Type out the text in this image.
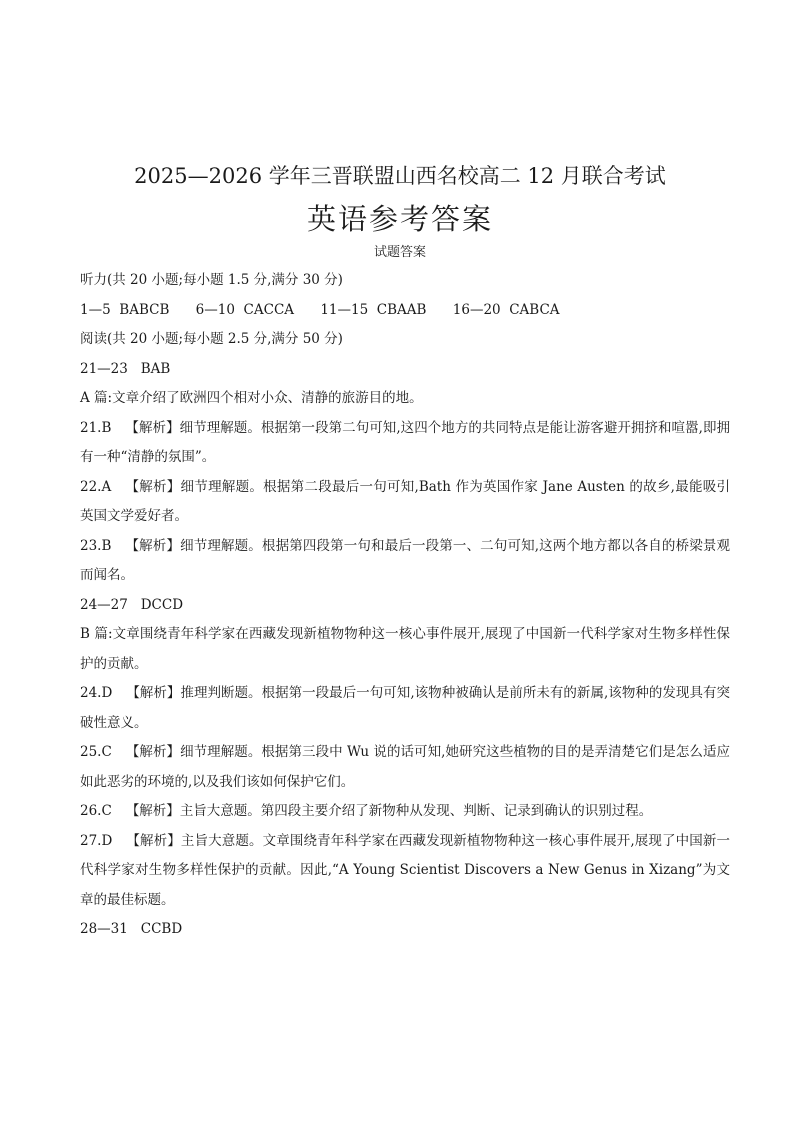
2025—2026 学年三晋联盟山西名校高二 12 月联合考试
英语参考答案
试题答案
听力(共 20 小题;每小题 1.5 分,满分 30 分)
1—5 BABCB 6—10 CACCA 11—15 CBAAB 16—20 CABCA
阅读(共 20 小题;每小题 2.5 分,满分 50 分)
21—23 BAB
A 篇:文章介绍了欧洲四个相对小众、清静的旅游目的地。
21.B 【解析】细节理解题。根据第一段第二句可知,这四个地方的共同特点是能让游客避开拥挤和喧嚣,即拥有一种“清静的氛围”。
22.A 【解析】细节理解题。根据第二段最后一句可知,Bath 作为英国作家 Jane Austen 的故乡,最能吸引英国文学爱好者。
23.B 【解析】细节理解题。根据第四段第一句和最后一段第一、二句可知,这两个地方都以各自的桥梁景观而闻名。
24—27 DCCD
B 篇:文章围绕青年科学家在西藏发现新植物物种这一核心事件展开,展现了中国新一代科学家对生物多样性保护的贡献。
24.D 【解析】推理判断题。根据第一段最后一句可知,该物种被确认是前所未有的新属,该物种的发现具有突破性意义。
25.C 【解析】细节理解题。根据第三段中 Wu 说的话可知,她研究这些植物的目的是弄清楚它们是怎么适应如此恶劣的环境的,以及我们该如何保护它们。
26.C 【解析】主旨大意题。第四段主要介绍了新物种从发现、判断、记录到确认的识别过程。
27.D 【解析】主旨大意题。文章围绕青年科学家在西藏发现新植物物种这一核心事件展开,展现了中国新一代科学家对生物多样性保护的贡献。因此,“A Young Scientist Discovers a New Genus in Xizang”为文章的最佳标题。
28—31 CCBD
